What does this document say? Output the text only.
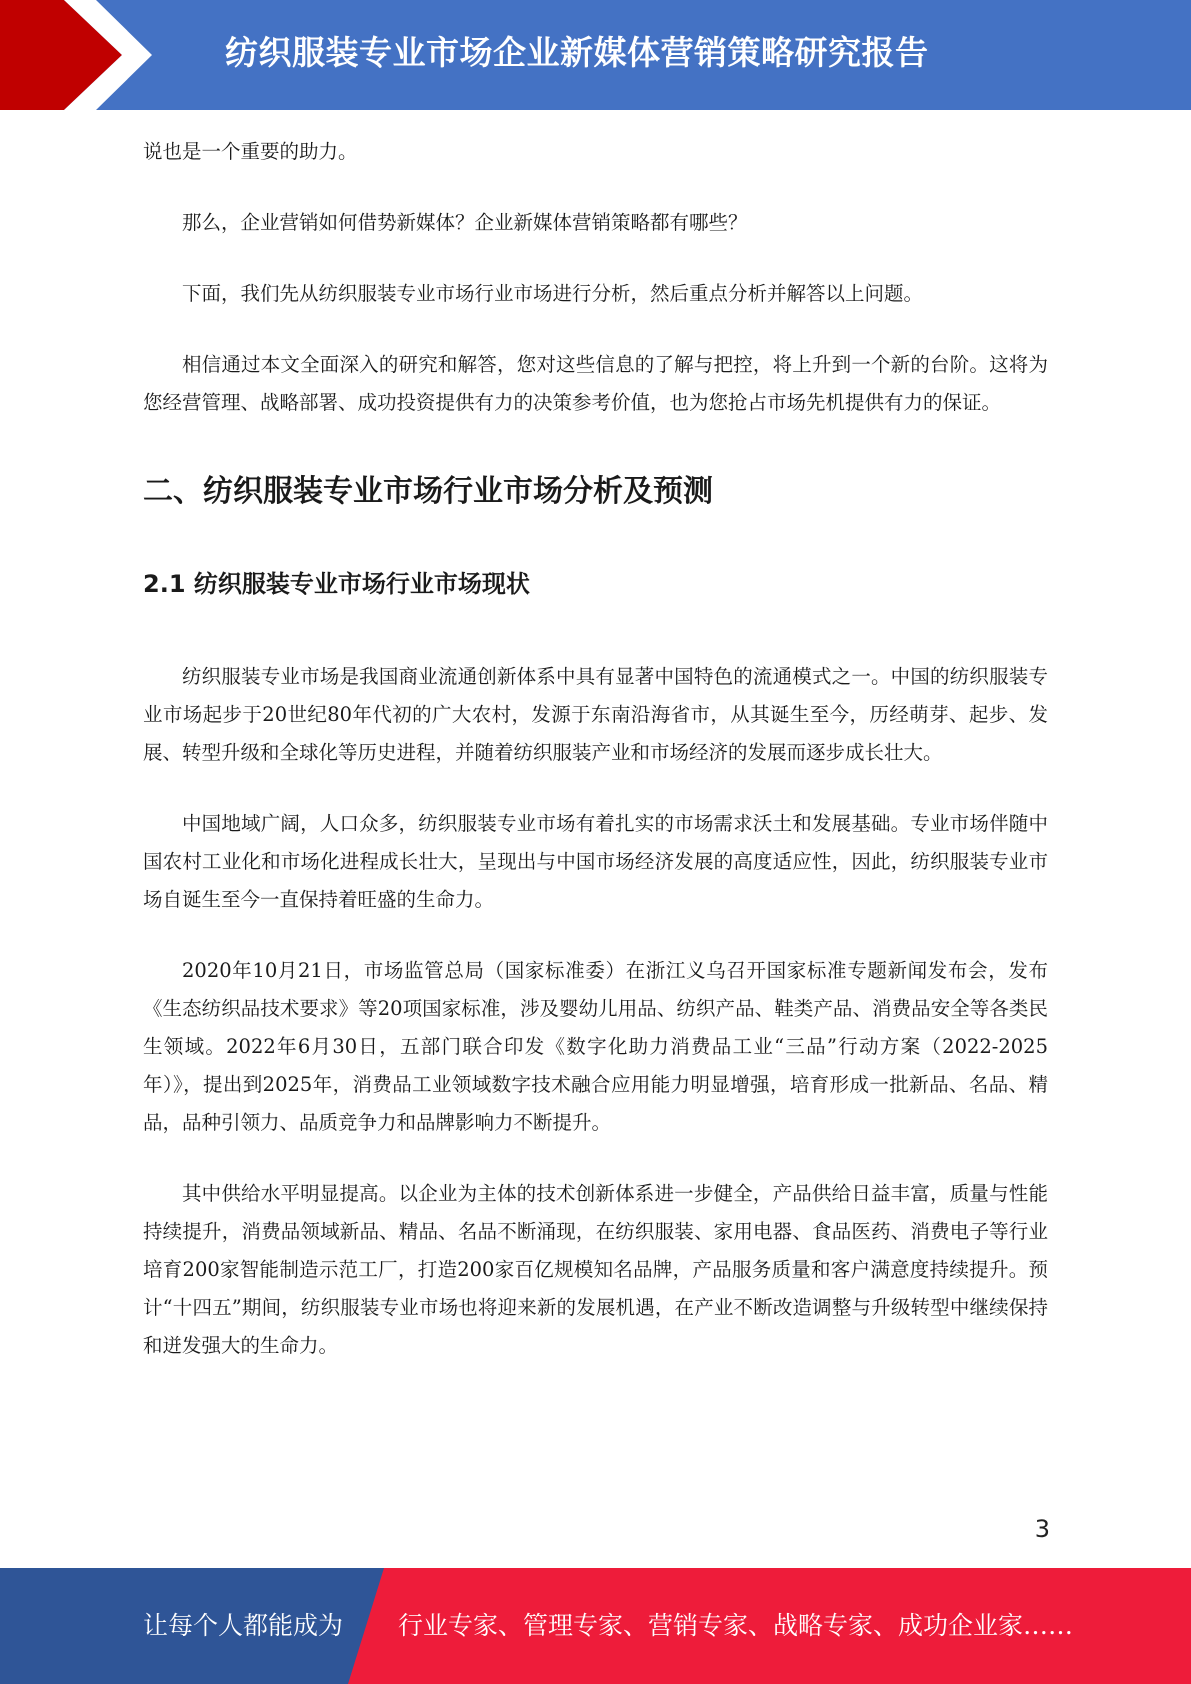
纺织服装专业市场企业新媒体营销策略研究报告

说也是一个重要的助力。

那么，企业营销如何借势新媒体？企业新媒体营销策略都有哪些？

下面，我们先从纺织服装专业市场行业市场进行分析，然后重点分析并解答以上问题。

相信通过本文全面深入的研究和解答，您对这些信息的了解与把控，将上升到一个新的台阶。这将为您经营管理、战略部署、成功投资提供有力的决策参考价值，也为您抢占市场先机提供有力的保证。

二、纺织服装专业市场行业市场分析及预测
2.1 纺织服装专业市场行业市场现状

纺织服装专业市场是我国商业流通创新体系中具有显著中国特色的流通模式之一。中国的纺织服装专业市场起步于20世纪80年代初的广大农村，发源于东南沿海省市，从其诞生至今，历经萌芽、起步、发展、转型升级和全球化等历史进程，并随着纺织服装产业和市场经济的发展而逐步成长壮大。

中国地域广阔，人口众多，纺织服装专业市场有着扎实的市场需求沃土和发展基础。专业市场伴随中国农村工业化和市场化进程成长壮大，呈现出与中国市场经济发展的高度适应性，因此，纺织服装专业市场自诞生至今一直保持着旺盛的生命力。

2020年10月21日，市场监管总局（国家标准委）在浙江义乌召开国家标准专题新闻发布会，发布《生态纺织品技术要求》等20项国家标准，涉及婴幼儿用品、纺织产品、鞋类产品、消费品安全等各类民生领域。2022年6月30日，五部门联合印发《数字化助力消费品工业“三品”行动方案（2022-2025年）》，提出到2025年，消费品工业领域数字技术融合应用能力明显增强，培育形成一批新品、名品、精品，品种引领力、品质竞争力和品牌影响力不断提升。

其中供给水平明显提高。以企业为主体的技术创新体系进一步健全，产品供给日益丰富，质量与性能持续提升，消费品领域新品、精品、名品不断涌现，在纺织服装、家用电器、食品医药、消费电子等行业培育200家智能制造示范工厂，打造200家百亿规模知名品牌，产品服务质量和客户满意度持续提升。预计“十四五”期间，纺织服装专业市场也将迎来新的发展机遇，在产业不断改造调整与升级转型中继续保持和迸发强大的生命力。

3
让每个人都能成为 行业专家、管理专家、营销专家、战略专家、成功企业家……
